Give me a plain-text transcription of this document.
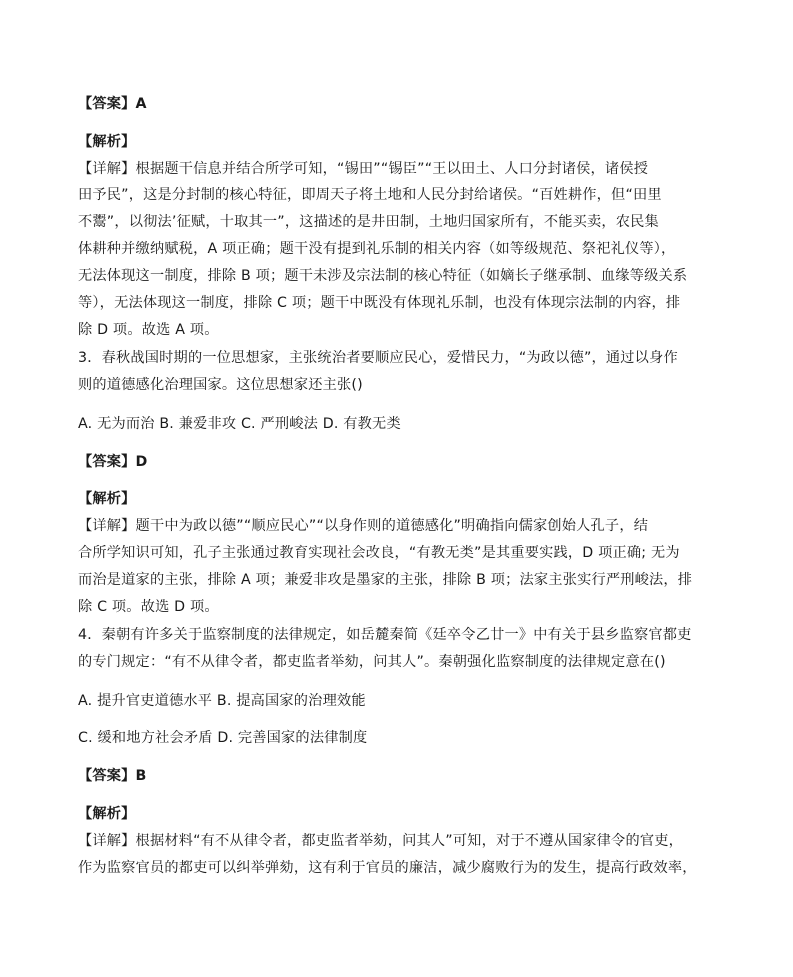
【答案】A
【解析】
【详解】根据题干信息并结合所学可知，“锡田”“锡臣”“王以田土、人口分封诸侯，诸侯授
田予民”，这是分封制的核心特征，即周天子将土地和人民分封给诸侯。“百姓耕作，但“田里
不鬻”，以彻法’征赋，十取其一”，这描述的是井田制，土地归国家所有，不能买卖，农民集
体耕种并缴纳赋税，A 项正确；题干没有提到礼乐制的相关内容（如等级规范、祭祀礼仪等），
无法体现这一制度，排除 B 项；题干未涉及宗法制的核心特征（如嫡长子继承制、血缘等级关系
等），无法体现这一制度，排除 C 项；题干中既没有体现礼乐制，也没有体现宗法制的内容，排
除 D 项。故选 A 项。
3．春秋战国时期的一位思想家，主张统治者要顺应民心，爱惜民力，“为政以德”，通过以身作
则的道德感化治理国家。这位思想家还主张()
A. 无为而治 B. 兼爱非攻 C. 严刑峻法 D. 有教无类
【答案】D
【解析】
【详解】题干中为政以德”“顺应民心”“以身作则的道德感化”明确指向儒家创始人孔子，结
合所学知识可知，孔子主张通过教育实现社会改良，“有教无类”是其重要实践，D 项正确; 无为
而治是道家的主张，排除 A 项；兼爱非攻是墨家的主张，排除 B 项；法家主张实行严刑峻法，排
除 C 项。故选 D 项。
4．秦朝有许多关于监察制度的法律规定，如岳麓秦简《廷卒令乙廿一》中有关于县乡监察官都吏
的专门规定：“有不从律令者，都吏监者举劾，问其人”。秦朝强化监察制度的法律规定意在()
A. 提升官吏道德水平 B. 提高国家的治理效能
C. 缓和地方社会矛盾 D. 完善国家的法律制度
【答案】B
【解析】
【详解】根据材料“有不从律令者，都吏监者举劾，问其人”可知，对于不遵从国家律令的官吏，
作为监察官员的都吏可以纠举弹劾，这有利于官员的廉洁，减少腐败行为的发生，提高行政效率，
